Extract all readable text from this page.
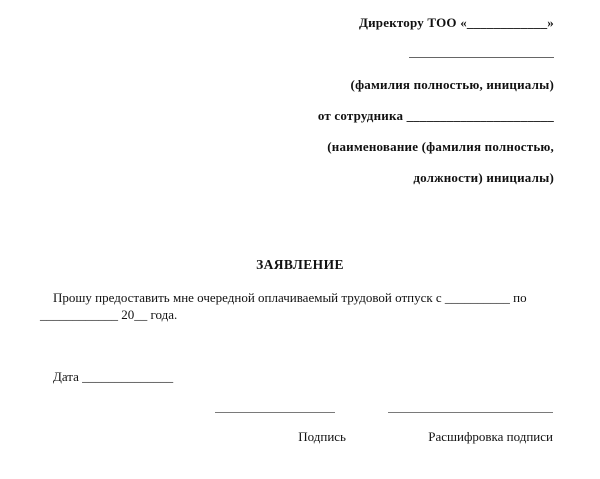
Директору ТОО «____________»
(фамилия полностью, инициалы)
от сотрудника ______________________
(наименование (фамилия полностью,
должности) инициалы)
ЗАЯВЛЕНИЕ
Прошу предоставить мне очередной оплачиваемый трудовой отпуск с __________ по
____________ 20__ года.
Дата ______________
Подпись	Расшифровка подписи
